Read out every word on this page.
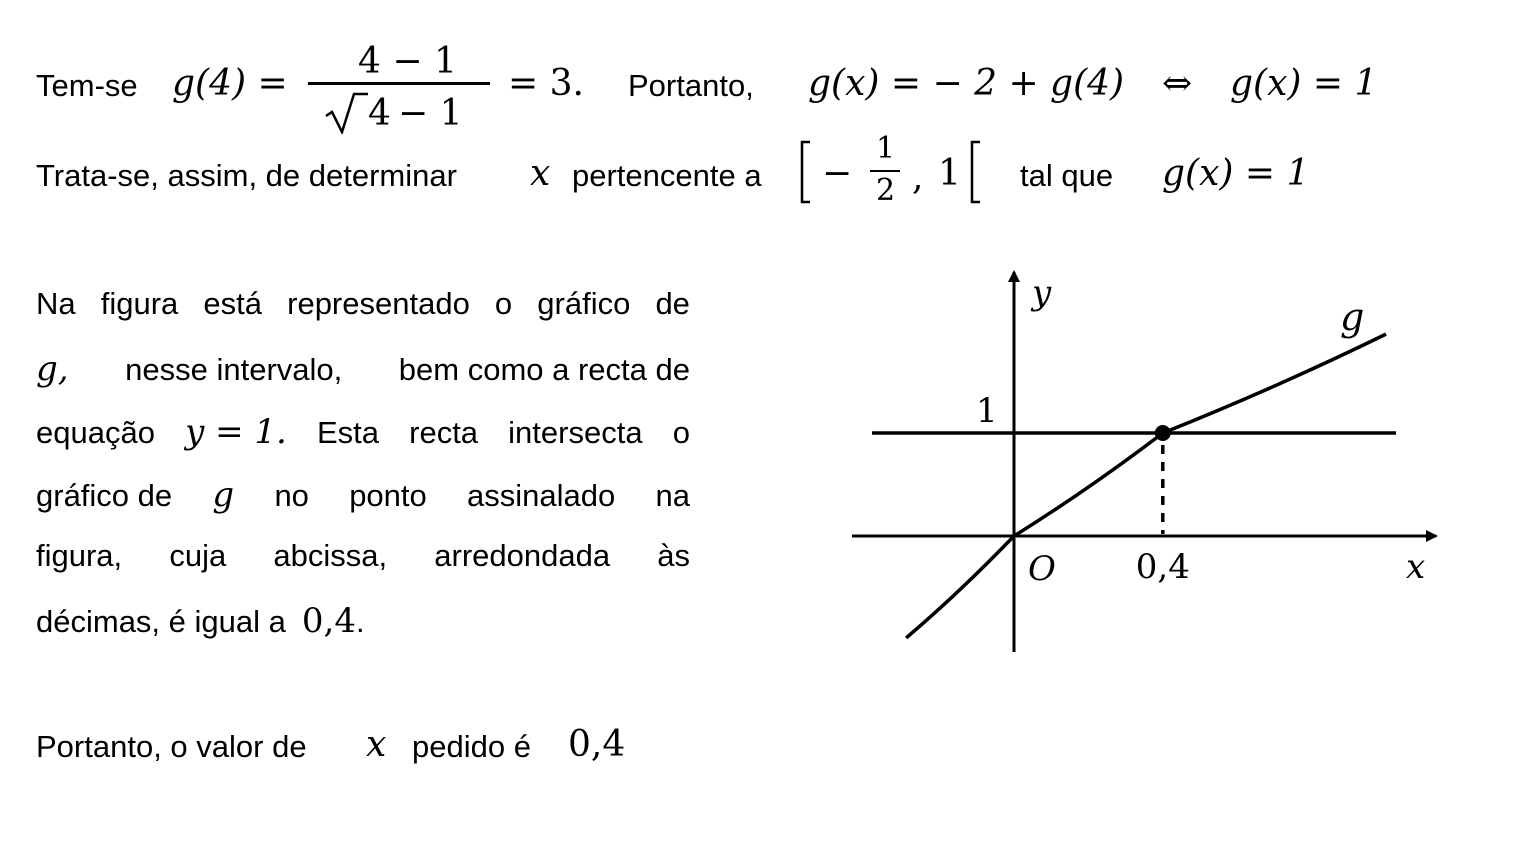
Tem-se g(4) =
4 − 1
4 − 1
= 3. Portanto, g(x) = − 2 + g(4) ⇔ g(x) = 1
Trata-se, assim, de determinar x pertencente a −
1
2 , 1 tal que g(x) = 1
Na figura está representado o gráfico de
g, nesse intervalo, bem como a recta de
equação y = 1. Esta recta intersecta o
gráfico de g no ponto assinalado na
figura, cuja abcissa, arredondada às
décimas, é igual a 0,4 .
Portanto, o valor de x pedido é 0,4
y
x
O
1
0,4
g
